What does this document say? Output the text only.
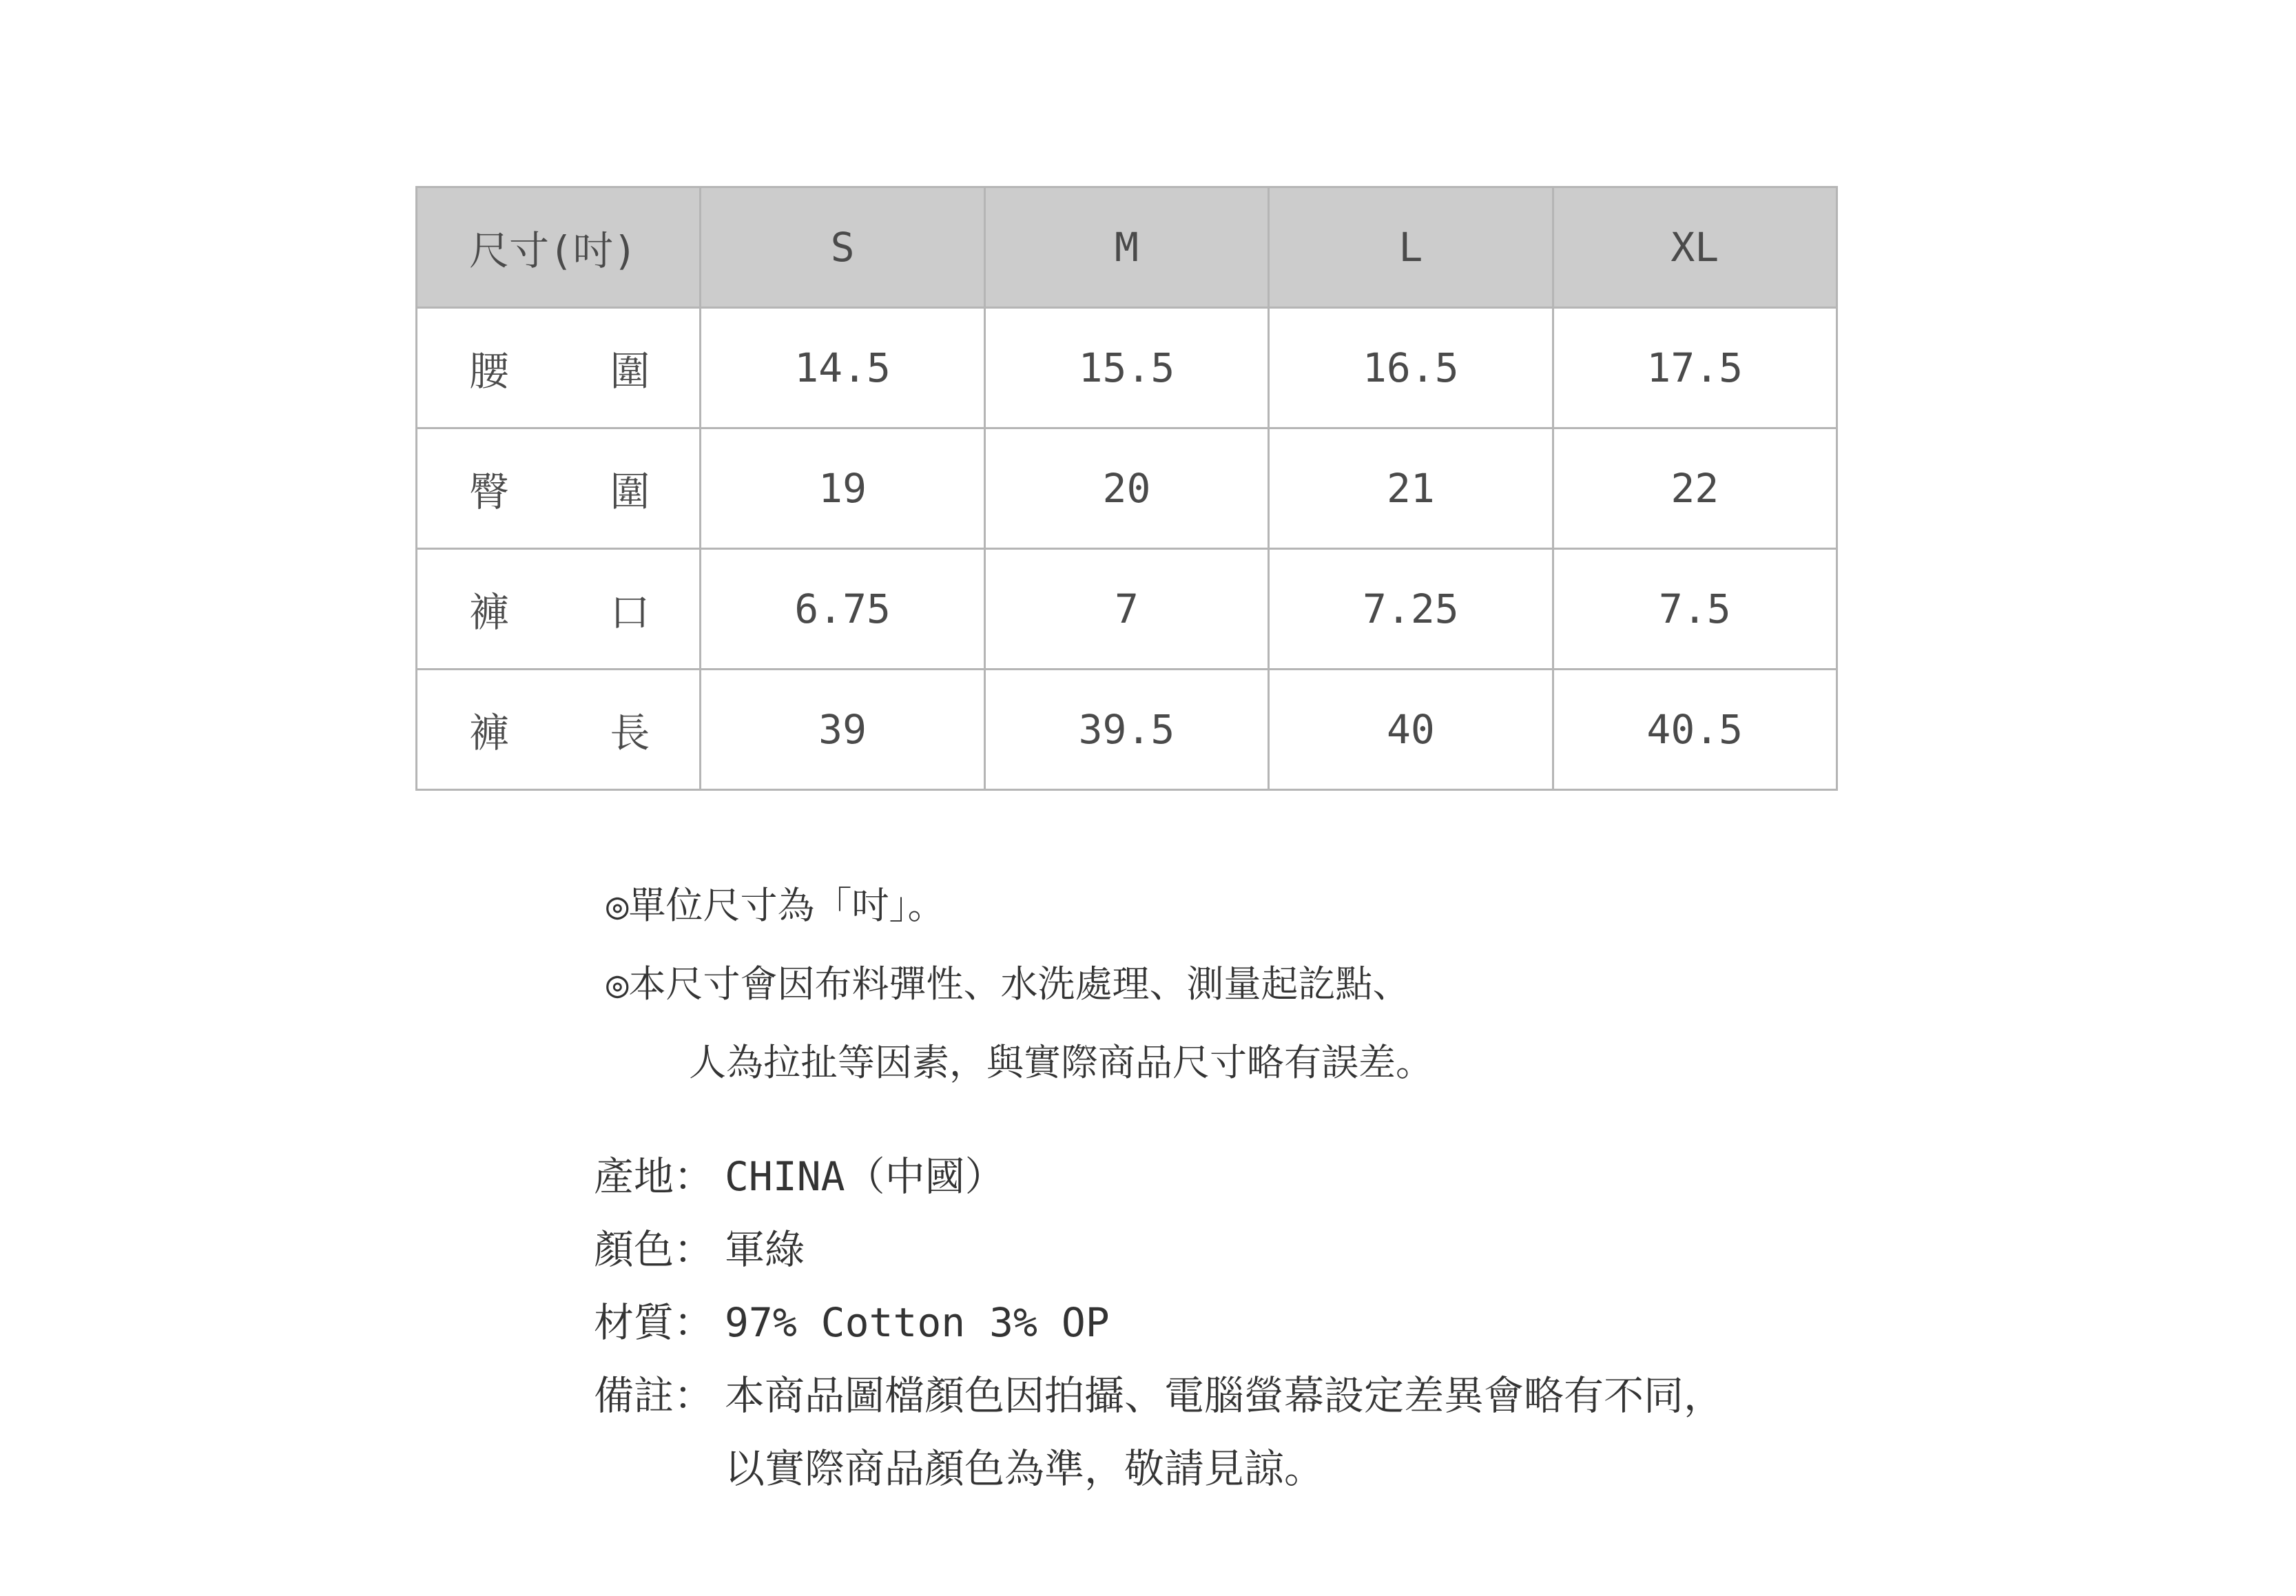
尺寸(吋)	S	M	L	XL

腰 圍	14.5	15.5	16.5	17.5

臀 圍	19	20	21	22

褲 口	6.75	7	7.25	7.5

褲 長	39	39.5	40	40.5
◎單位尺寸為「吋」。
◎本尺寸會因布料彈性、水洗處理、測量起訖點、
人為拉扯等因素，與實際商品尺寸略有誤差。
產地： CHINA（中國）
顏色： 軍綠
材質： 97% Cotton 3% OP
備註： 本商品圖檔顏色因拍攝、電腦螢幕設定差異會略有不同，
以實際商品顏色為準，敬請見諒。
